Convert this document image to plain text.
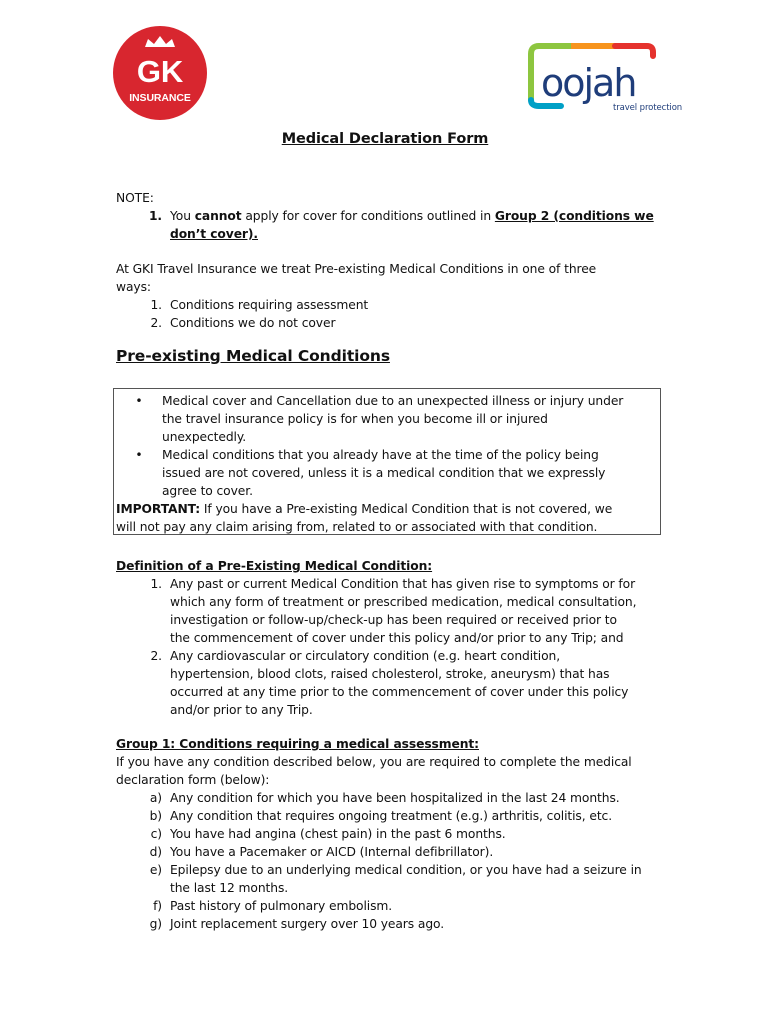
GK
INSURANCE	oojah
travel protection
Medical Declaration Form
NOTE:
1. You cannot apply for cover for conditions outlined in Group 2 (conditions we
don’t cover).
At GKI Travel Insurance we treat Pre-existing Medical Conditions in one of three
ways:
1. Conditions requiring assessment
2. Conditions we do not cover
Pre-existing Medical Conditions
•	Medical cover and Cancellation due to an unexpected illness or injury under
the travel insurance policy is for when you become ill or injured
unexpectedly.
•	Medical conditions that you already have at the time of the policy being
issued are not covered, unless it is a medical condition that we expressly
agree to cover.
IMPORTANT: If you have a Pre-existing Medical Condition that is not covered, we
will not pay any claim arising from, related to or associated with that condition.
Definition of a Pre-Existing Medical Condition:
1. Any past or current Medical Condition that has given rise to symptoms or for
which any form of treatment or prescribed medication, medical consultation,
investigation or follow-up/check-up has been required or received prior to
the commencement of cover under this policy and/or prior to any Trip; and
2. Any cardiovascular or circulatory condition (e.g. heart condition,
hypertension, blood clots, raised cholesterol, stroke, aneurysm) that has
occurred at any time prior to the commencement of cover under this policy
and/or prior to any Trip.
Group 1: Conditions requiring a medical assessment:
If you have any condition described below, you are required to complete the medical
declaration form (below):
a) Any condition for which you have been hospitalized in the last 24 months.
b) Any condition that requires ongoing treatment (e.g.) arthritis, colitis, etc.
c) You have had angina (chest pain) in the past 6 months.
d) You have a Pacemaker or AICD (Internal defibrillator).
e) Epilepsy due to an underlying medical condition, or you have had a seizure in
the last 12 months.
f) Past history of pulmonary embolism.
g) Joint replacement surgery over 10 years ago.
